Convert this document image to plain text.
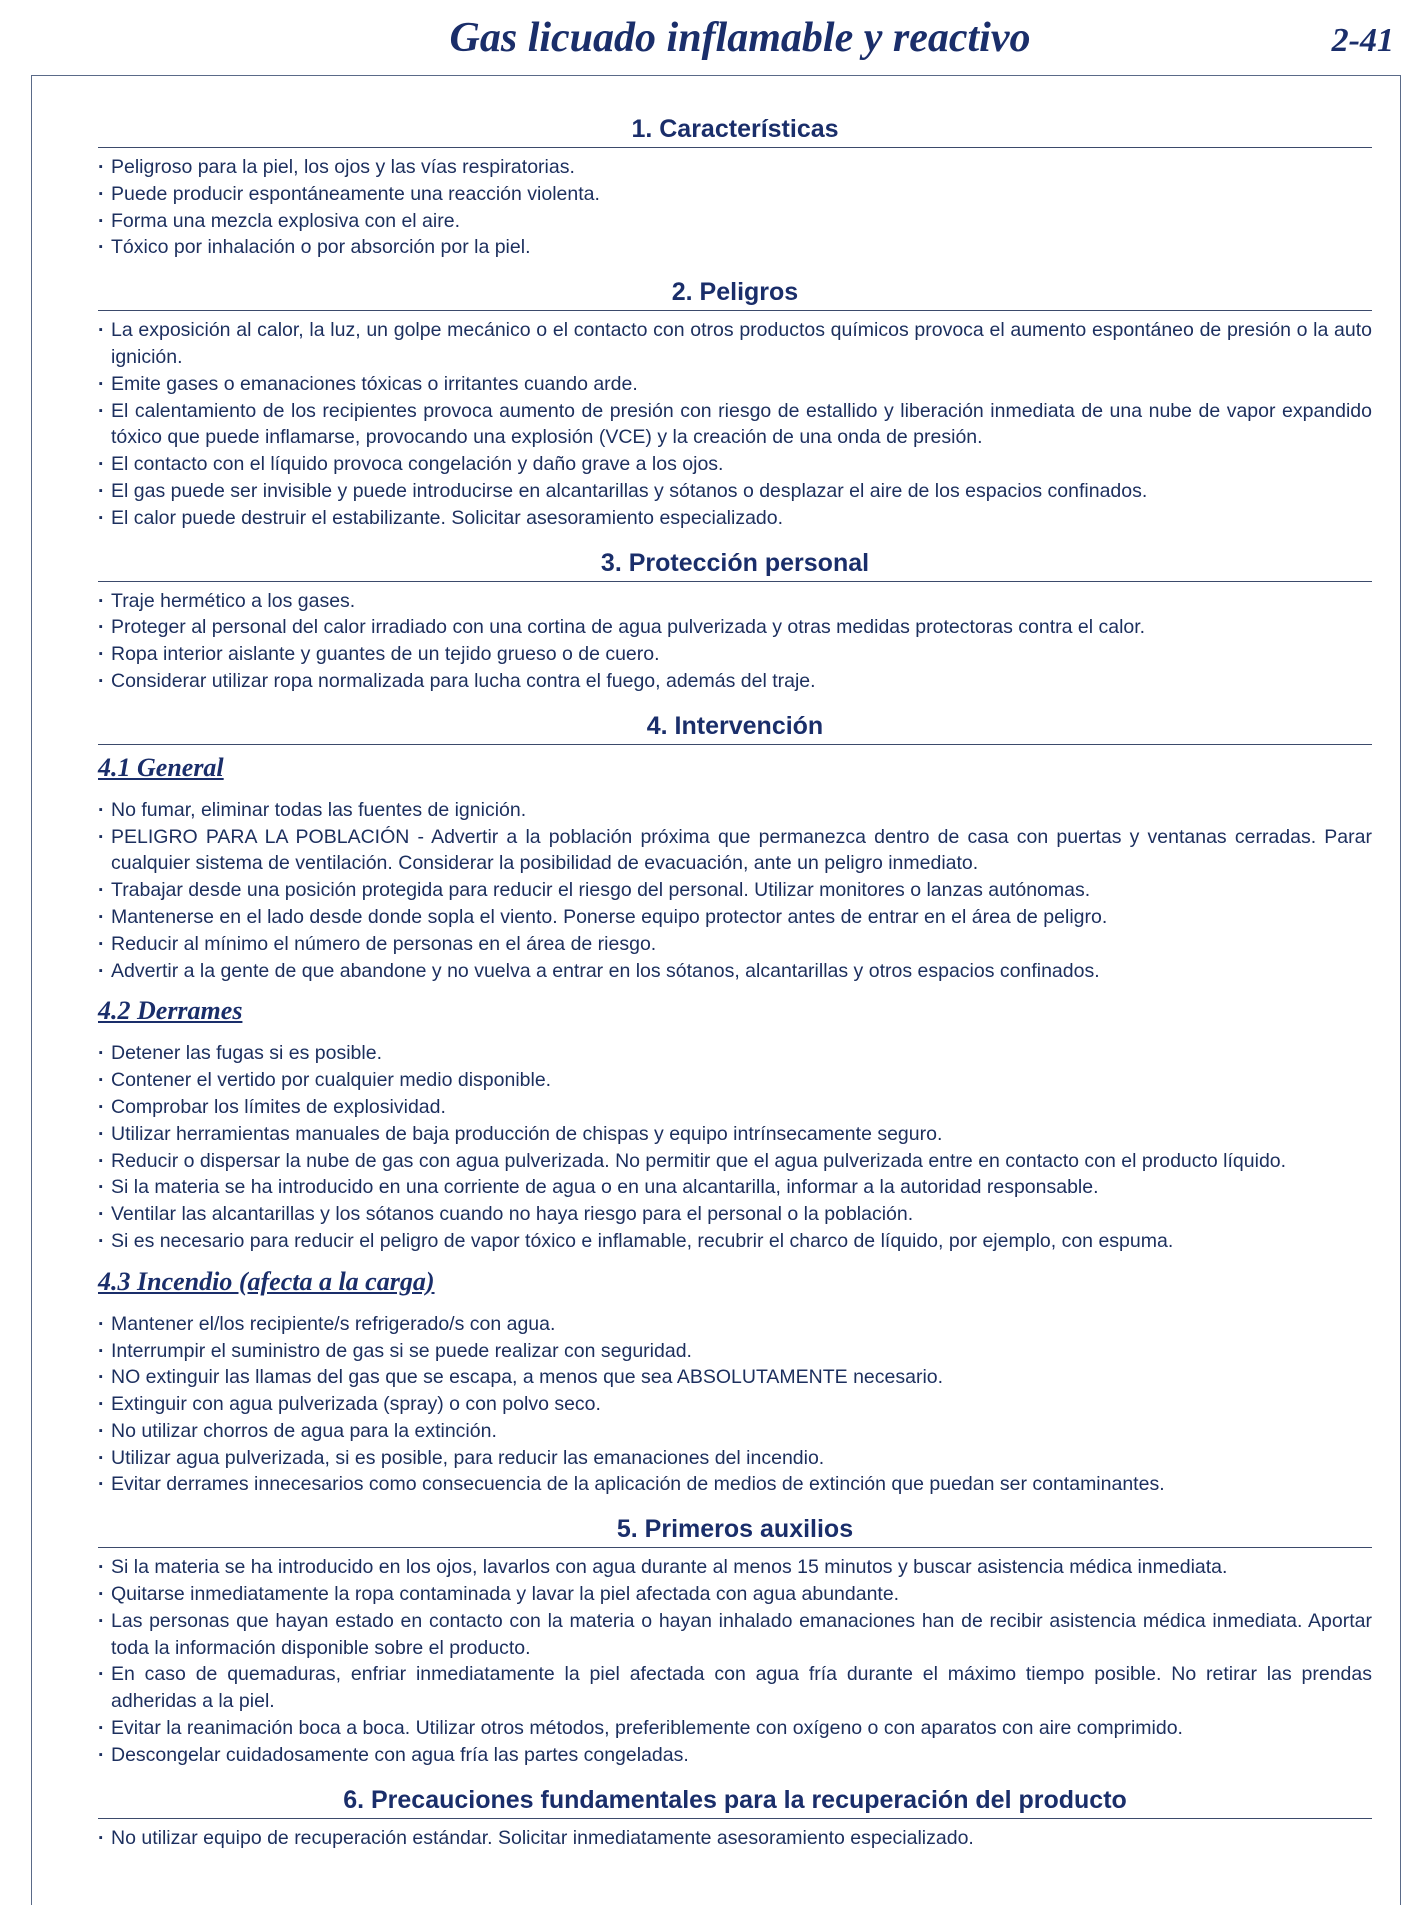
Gas licuado inflamable y reactivo	2-41
1. Características
· Peligroso para la piel, los ojos y las vías respiratorias.
· Puede producir espontáneamente una reacción violenta.
· Forma una mezcla explosiva con el aire.
· Tóxico por inhalación o por absorción por la piel.
2. Peligros
· La exposición al calor, la luz, un golpe mecánico o el contacto con otros productos químicos provoca el aumento espontáneo de presión o la auto ignición.
· Emite gases o emanaciones tóxicas o irritantes cuando arde.
· El calentamiento de los recipientes provoca aumento de presión con riesgo de estallido y liberación inmediata de una nube de vapor expandido tóxico que puede inflamarse, provocando una explosión (VCE) y la creación de una onda de presión.
· El contacto con el líquido provoca congelación y daño grave a los ojos.
· El gas puede ser invisible y puede introducirse en alcantarillas y sótanos o desplazar el aire de los espacios confinados.
· El calor puede destruir el estabilizante. Solicitar asesoramiento especializado.
3. Protección personal
· Traje hermético a los gases.
· Proteger al personal del calor irradiado con una cortina de agua pulverizada y otras medidas protectoras contra el calor.
· Ropa interior aislante y guantes de un tejido grueso o de cuero.
· Considerar utilizar ropa normalizada para lucha contra el fuego, además del traje.
4. Intervención
4.1 General
· No fumar, eliminar todas las fuentes de ignición.
· PELIGRO PARA LA POBLACIÓN - Advertir a la población próxima que permanezca dentro de casa con puertas y ventanas cerradas. Parar cualquier sistema de ventilación. Considerar la posibilidad de evacuación, ante un peligro inmediato.
· Trabajar desde una posición protegida para reducir el riesgo del personal. Utilizar monitores o lanzas autónomas.
· Mantenerse en el lado desde donde sopla el viento. Ponerse equipo protector antes de entrar en el área de peligro.
· Reducir al mínimo el número de personas en el área de riesgo.
· Advertir a la gente de que abandone y no vuelva a entrar en los sótanos, alcantarillas y otros espacios confinados.
4.2 Derrames
· Detener las fugas si es posible.
· Contener el vertido por cualquier medio disponible.
· Comprobar los límites de explosividad.
· Utilizar herramientas manuales de baja producción de chispas y equipo intrínsecamente seguro.
· Reducir o dispersar la nube de gas con agua pulverizada. No permitir que el agua pulverizada entre en contacto con el producto líquido.
· Si la materia se ha introducido en una corriente de agua o en una alcantarilla, informar a la autoridad responsable.
· Ventilar las alcantarillas y los sótanos cuando no haya riesgo para el personal o la población.
· Si es necesario para reducir el peligro de vapor tóxico e inflamable, recubrir el charco de líquido, por ejemplo, con espuma.
4.3 Incendio (afecta a la carga)
· Mantener el/los recipiente/s refrigerado/s con agua.
· Interrumpir el suministro de gas si se puede realizar con seguridad.
· NO extinguir las llamas del gas que se escapa, a menos que sea ABSOLUTAMENTE necesario.
· Extinguir con agua pulverizada (spray) o con polvo seco.
· No utilizar chorros de agua para la extinción.
· Utilizar agua pulverizada, si es posible, para reducir las emanaciones del incendio.
· Evitar derrames innecesarios como consecuencia de la aplicación de medios de extinción que puedan ser contaminantes.
5. Primeros auxilios
· Si la materia se ha introducido en los ojos, lavarlos con agua durante al menos 15 minutos y buscar asistencia médica inmediata.
· Quitarse inmediatamente la ropa contaminada y lavar la piel afectada con agua abundante.
· Las personas que hayan estado en contacto con la materia o hayan inhalado emanaciones han de recibir asistencia médica inmediata. Aportar toda la información disponible sobre el producto.
· En caso de quemaduras, enfriar inmediatamente la piel afectada con agua fría durante el máximo tiempo posible. No retirar las prendas adheridas a la piel.
· Evitar la reanimación boca a boca. Utilizar otros métodos, preferiblemente con oxígeno o con aparatos con aire comprimido.
· Descongelar cuidadosamente con agua fría las partes congeladas.
6. Precauciones fundamentales para la recuperación del producto
· No utilizar equipo de recuperación estándar. Solicitar inmediatamente asesoramiento especializado.
